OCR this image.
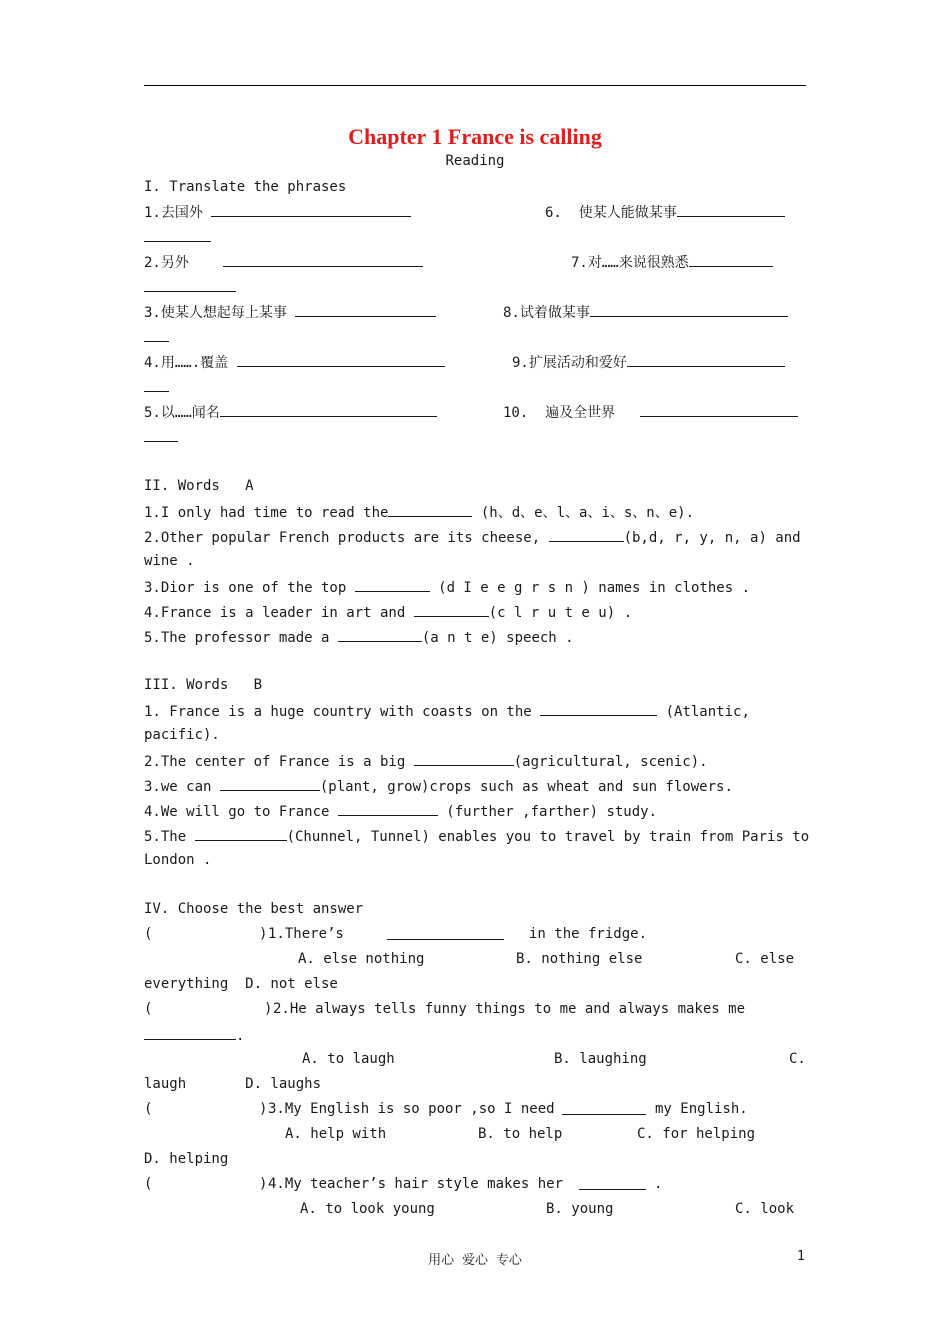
Chapter 1 France is calling
Reading
I. Translate the phrases
1.去国外	6. 使某人能做某事
2.另外	7.对……来说很熟悉
3.使某人想起每上某事	8.试着做某事
4.用…….覆盖	9.扩展活动和爱好
5.以……闻名	10. 遍及全世界
II. Words   A
1.I only had time to read the	(h、d、e、l、a、i、s、n、e).
2.Other popular French products are its cheese,	(b,d, r, y, n, a) and
wine .
3.Dior is one of the top	(d I e e g r s n ) names in clothes .
4.France is a leader in art and	(c l r u t e u) .
5.The professor made a	(a n t e) speech .
III. Words   B
1. France is a huge country with coasts on the	(Atlantic,
pacific).
2.The center of France is a big	(agricultural, scenic).
3.we can	(plant, grow)crops such as wheat and sun flowers.
4.We will go to France	(further ,farther) study.
5.The	(Chunnel, Tunnel) enables you to travel by train from Paris to
London .
IV. Choose the best answer
(	) 1.There’s	in the fridge.
A. else nothing	B. nothing else	C. else
everything  D. not else
(	) 2.He always tells funny things to me and always makes me
.
A. to laugh	B. laughing	C.
laugh       D. laughs
(	) 3.My English is so poor ,so I need	my English.
A. help with	B. to help	C. for helping
D. helping
(	) 4.My teacher’s hair style makes her	.
A. to look young	B. young	C. look
用心 爱心 专心	1
